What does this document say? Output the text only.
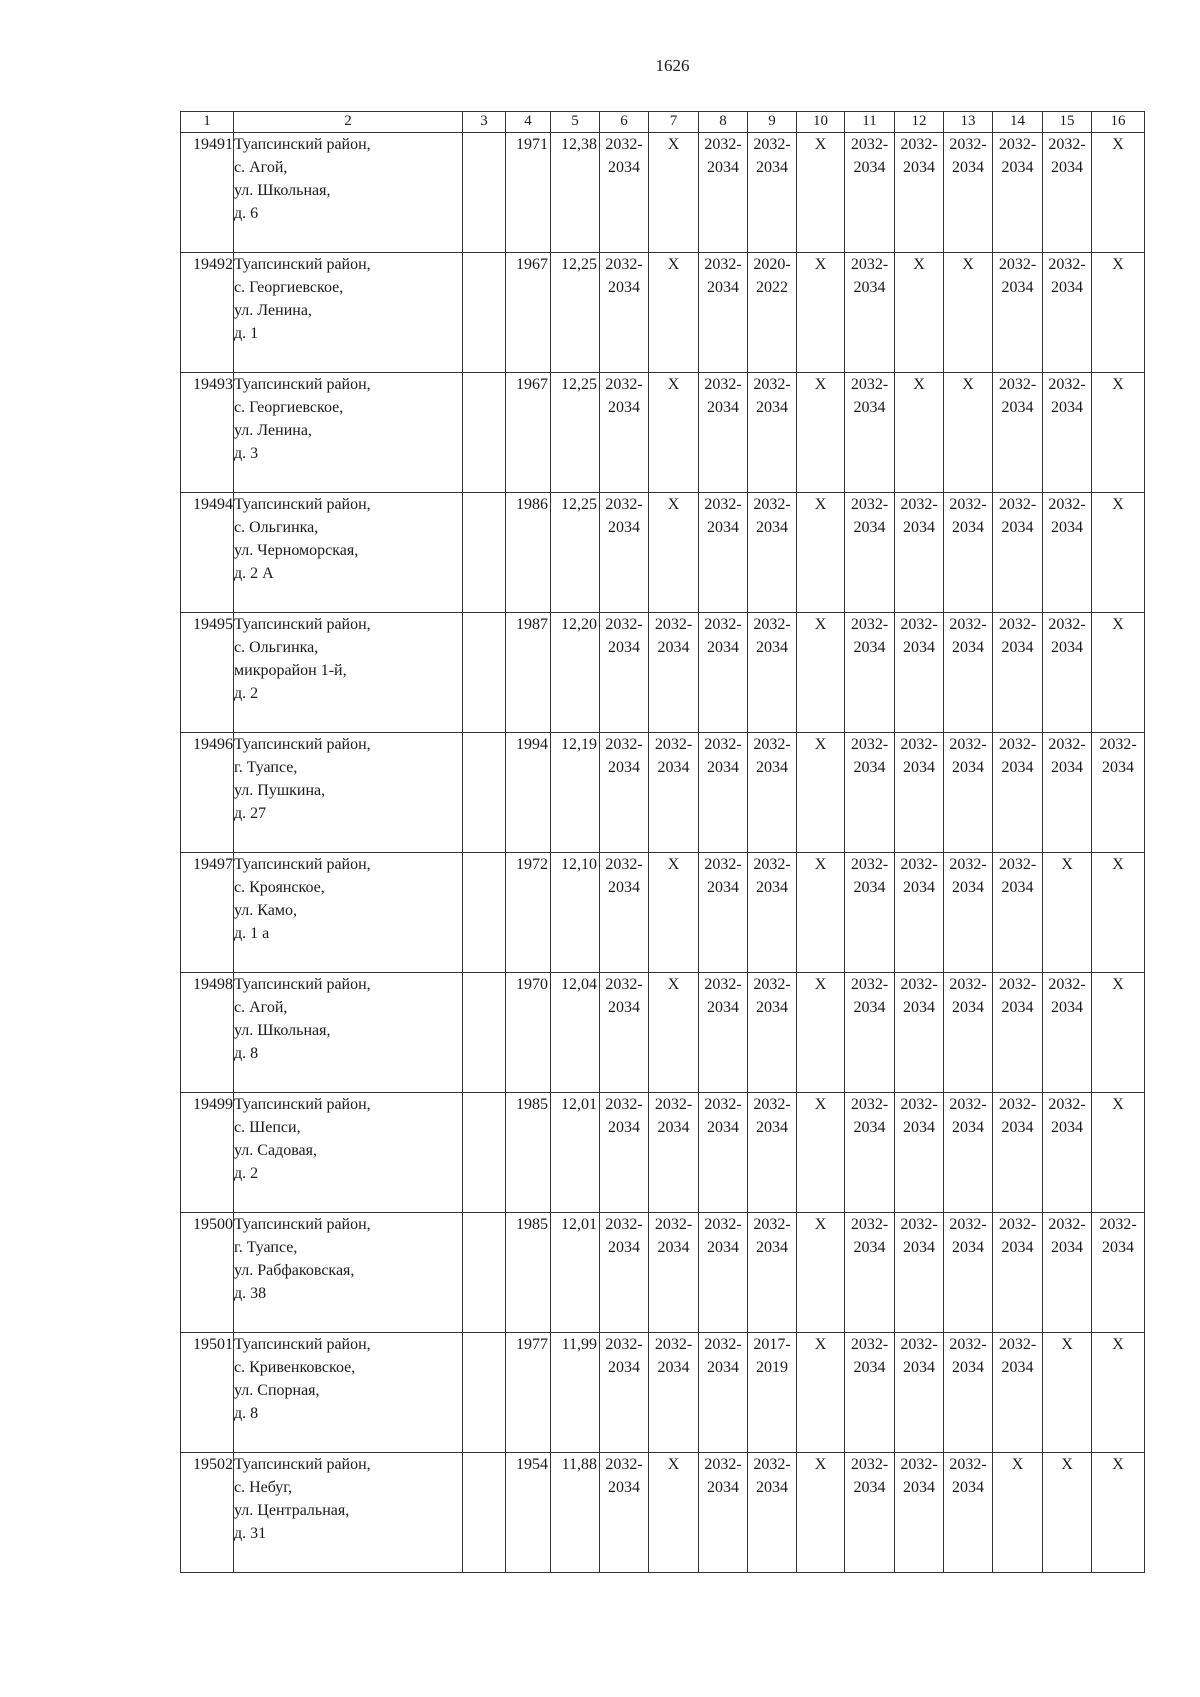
1626
1	2	3	4	5	6	7	8	9	10	11	12	13	14	15	16
19491	Туапсинский район,
с. Агой,
ул. Школьная,
д. 6		1971	12,38	2032-
2034	X	2032-
2034	2032-
2034	X	2032-
2034	2032-
2034	2032-
2034	2032-
2034	2032-
2034	X
19492	Туапсинский район,
с. Георгиевское,
ул. Ленина,
д. 1		1967	12,25	2032-
2034	X	2032-
2034	2020-
2022	X	2032-
2034	X	X	2032-
2034	2032-
2034	X
19493	Туапсинский район,
с. Георгиевское,
ул. Ленина,
д. 3		1967	12,25	2032-
2034	X	2032-
2034	2032-
2034	X	2032-
2034	X	X	2032-
2034	2032-
2034	X
19494	Туапсинский район,
с. Ольгинка,
ул. Черноморская,
д. 2 А		1986	12,25	2032-
2034	X	2032-
2034	2032-
2034	X	2032-
2034	2032-
2034	2032-
2034	2032-
2034	2032-
2034	X
19495	Туапсинский район,
с. Ольгинка,
микрорайон 1-й,
д. 2		1987	12,20	2032-
2034	2032-
2034	2032-
2034	2032-
2034	X	2032-
2034	2032-
2034	2032-
2034	2032-
2034	2032-
2034	X
19496	Туапсинский район,
г. Туапсе,
ул. Пушкина,
д. 27		1994	12,19	2032-
2034	2032-
2034	2032-
2034	2032-
2034	X	2032-
2034	2032-
2034	2032-
2034	2032-
2034	2032-
2034	2032-
2034

19497	Туапсинский район,
с. Кроянское,
ул. Камо,
д. 1 а		1972	12,10	2032-
2034	X	2032-
2034	2032-
2034	X	2032-
2034	2032-
2034	2032-
2034	2032-
2034	X	X
19498	Туапсинский район,
с. Агой,
ул. Школьная,
д. 8		1970	12,04	2032-
2034	X	2032-
2034	2032-
2034	X	2032-
2034	2032-
2034	2032-
2034	2032-
2034	2032-
2034	X
19499	Туапсинский район,
с. Шепси,
ул. Садовая,
д. 2		1985	12,01	2032-
2034	2032-
2034	2032-
2034	2032-
2034	X	2032-
2034	2032-
2034	2032-
2034	2032-
2034	2032-
2034	X
19500	Туапсинский район,
г. Туапсе,
ул. Рабфаковская,
д. 38		1985	12,01	2032-
2034	2032-
2034	2032-
2034	2032-
2034	X	2032-
2034	2032-
2034	2032-
2034	2032-
2034	2032-
2034	2032-
2034

19501	Туапсинский район,
с. Кривенковское,
ул. Спорная,
д. 8		1977	11,99	2032-
2034	2032-
2034	2032-
2034	2017-
2019	X	2032-
2034	2032-
2034	2032-
2034	2032-
2034	X	X
19502	Туапсинский район,
с. Небуг,
ул. Центральная,
д. 31		1954	11,88	2032-
2034	X	2032-
2034	2032-
2034	X	2032-
2034	2032-
2034	2032-
2034	X	X	X
